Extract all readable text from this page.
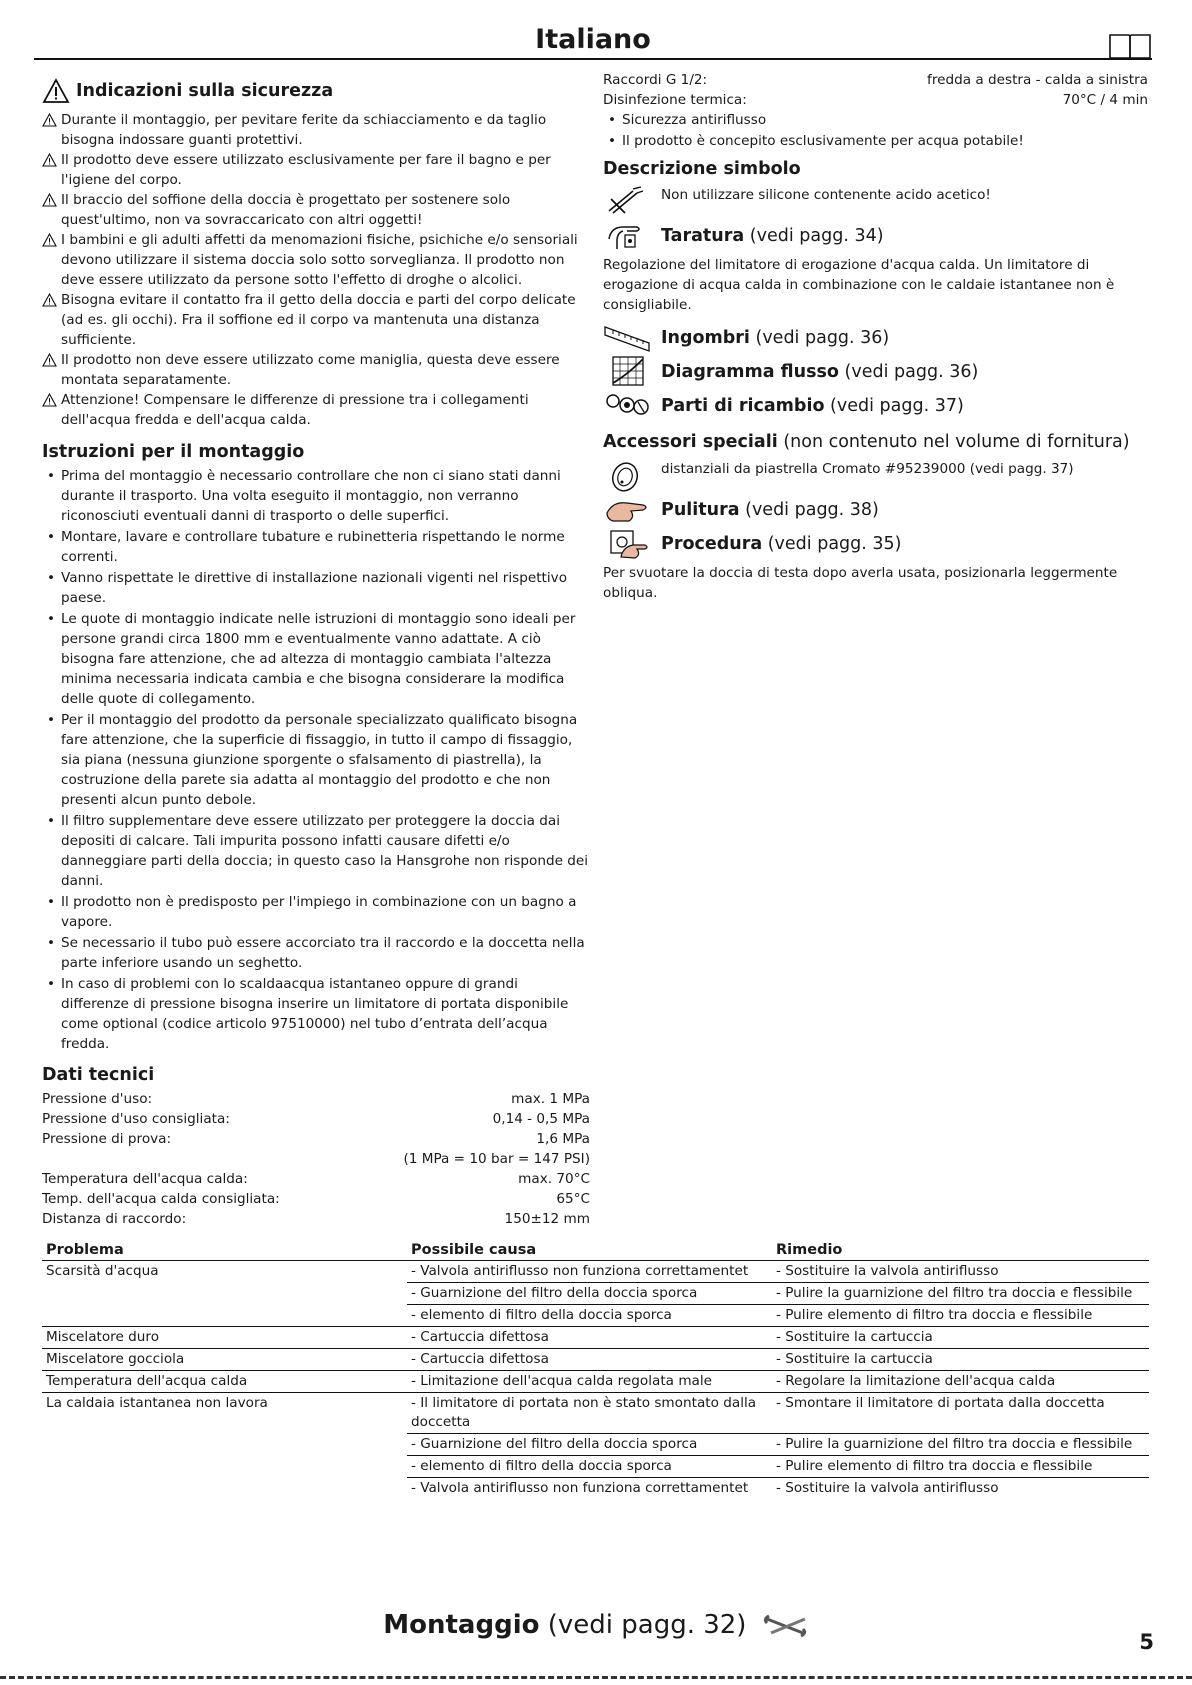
Italiano
Indicazioni sulla sicurezza
Durante il montaggio, per pevitare ferite da schiacciamento e da taglio bisogna indossare guanti protettivi.
Il prodotto deve essere utilizzato esclusivamente per fare il bagno e per l'igiene del corpo.
Il braccio del soffione della doccia è progettato per sostenere solo quest'ultimo, non va sovraccaricato con altri oggetti!
I bambini e gli adulti affetti da menomazioni fisiche, psichiche e/o sensoriali devono utilizzare il sistema doccia solo sotto sorveglianza. Il prodotto non deve essere utilizzato da persone sotto l'effetto di droghe o alcolici.
Bisogna evitare il contatto fra il getto della doccia e parti del corpo delicate (ad es. gli occhi). Fra il soffione ed il corpo va mantenuta una distanza sufficiente.
Il prodotto non deve essere utilizzato come maniglia, questa deve essere montata separatamente.
Attenzione! Compensare le differenze di pressione tra i collegamenti dell'acqua fredda e dell'acqua calda.
Istruzioni per il montaggio
• Prima del montaggio è necessario controllare che non ci siano stati danni durante il trasporto. Una volta eseguito il montaggio, non verranno riconosciuti eventuali danni di trasporto o delle superfici.
• Montare, lavare e controllare tubature e rubinetteria rispettando le norme correnti.
• Vanno rispettate le direttive di installazione nazionali vigenti nel rispettivo paese.
• Le quote di montaggio indicate nelle istruzioni di montaggio sono ideali per persone grandi circa 1800 mm e eventualmente vanno adattate. A ciò bisogna fare attenzione, che ad altezza di montaggio cambiata l'altezza minima necessaria indicata cambia e che bisogna considerare la modifica delle quote di collegamento.
• Per il montaggio del prodotto da personale specializzato qualificato bisogna fare attenzione, che la superficie di fissaggio, in tutto il campo di fissaggio, sia piana (nessuna giunzione sporgente o sfalsamento di piastrella), la costruzione della parete sia adatta al montaggio del prodotto e che non presenti alcun punto debole.
• Il filtro supplementare deve essere utilizzato per proteggere la doccia dai depositi di calcare. Tali impurita possono infatti causare difetti e/o danneggiare parti della doccia; in questo caso la Hansgrohe non risponde dei danni.
• Il prodotto non è predisposto per l'impiego in combinazione con un bagno a vapore.
• Se necessario il tubo può essere accorciato tra il raccordo e la doccetta nella parte inferiore usando un seghetto.
• In caso di problemi con lo scaldaacqua istantaneo oppure di grandi differenze di pressione bisogna inserire un limitatore di portata disponibile come optional (codice articolo 97510000) nel tubo d’entrata dell’acqua fredda.
Dati tecnici
Pressione d'uso:	max. 1 MPa
Pressione d'uso consigliata:	0,14 - 0,5 MPa
Pressione di prova:	1,6 MPa
(1 MPa = 10 bar = 147 PSI)
Temperatura dell'acqua calda:	max. 70°C
Temp. dell'acqua calda consigliata:	65°C
Distanza di raccordo:	150±12 mm
Raccordi G 1/2:	fredda a destra - calda a sinistra
Disinfezione termica:	70°C / 4 min
• Sicurezza antiriflusso
• Il prodotto è concepito esclusivamente per acqua potabile!
Descrizione simbolo
Non utilizzare silicone contenente acido acetico!
Taratura (vedi pagg. 34)
Regolazione del limitatore di erogazione d'acqua calda. Un limitatore di erogazione di acqua calda in combinazione con le caldaie istantanee non è consigliabile.
Ingombri (vedi pagg. 36)
Diagramma flusso (vedi pagg. 36)
Parti di ricambio (vedi pagg. 37)
Accessori speciali (non contenuto nel volume di fornitura)
distanziali da piastrella Cromato #95239000 (vedi pagg. 37)
Pulitura (vedi pagg. 38)
Procedura (vedi pagg. 35)
Per svuotare la doccia di testa dopo averla usata, posizionarla leggermente obliqua.
Problema	Possibile causa	Rimedio
Scarsità d'acqua	- Valvola antiriflusso non funziona correttamentet	- Sostituire la valvola antiriflusso
	- Guarnizione del filtro della doccia sporca	- Pulire la guarnizione del filtro tra doccia e flessibile
	- elemento di filtro della doccia sporca	- Pulire elemento di filtro tra doccia e flessibile
Miscelatore duro	- Cartuccia difettosa	- Sostituire la cartuccia
Miscelatore gocciola	- Cartuccia difettosa	- Sostituire la cartuccia
Temperatura dell'acqua calda	- Limitazione dell'acqua calda regolata male	- Regolare la limitazione dell'acqua calda
La caldaia istantanea non lavora	- Il limitatore di portata non è stato smontato dalla doccetta	- Smontare il limitatore di portata dalla doccetta
	- Guarnizione del filtro della doccia sporca	- Pulire la guarnizione del filtro tra doccia e flessibile
	- elemento di filtro della doccia sporca	- Pulire elemento di filtro tra doccia e flessibile
	- Valvola antiriflusso non funziona correttamentet	- Sostituire la valvola antiriflusso
Montaggio (vedi pagg. 32)
5
